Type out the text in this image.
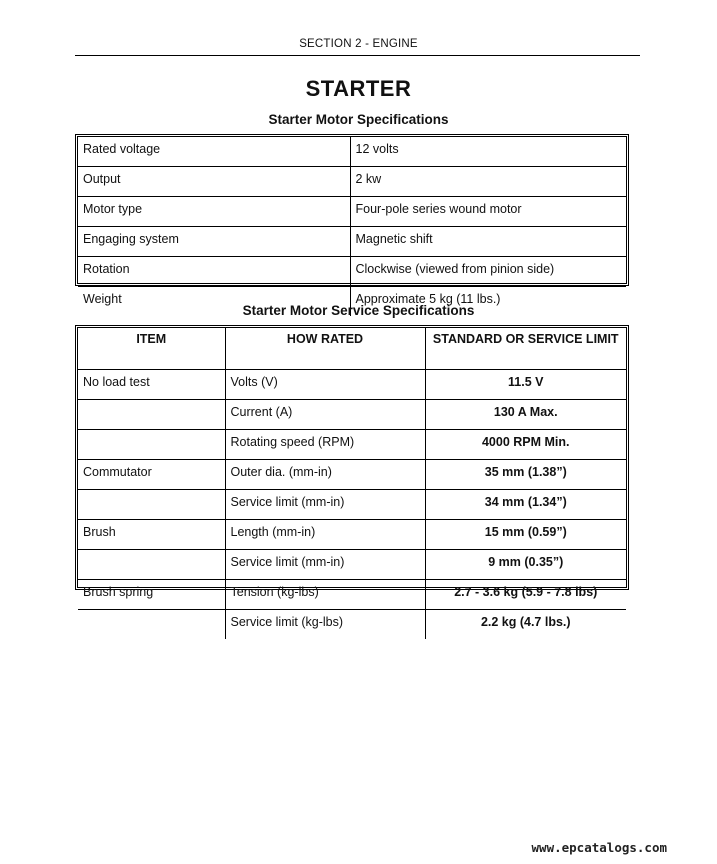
SECTION 2 - ENGINE
STARTER
Starter Motor Specifications
Rated voltage	12 volts
Output	2 kw
Motor type	Four-pole series wound motor
Engaging system	Magnetic shift
Rotation	Clockwise (viewed from pinion side)
Weight	Approximate 5 kg (11 lbs.)
Starter Motor Service Specifications
ITEM	HOW RATED	STANDARD OR SERVICE LIMIT
No load test	Volts (V)	11.5 V
	Current (A)	130 A Max.
	Rotating speed (RPM)	4000 RPM Min.
Commutator	Outer dia. (mm-in)	35 mm (1.38”)
	Service limit (mm-in)	34 mm (1.34”)
Brush	Length (mm-in)	15 mm (0.59”)
	Service limit (mm-in)	9 mm (0.35”)
Brush spring	Tension (kg-lbs)	2.7 - 3.6 kg (5.9 - 7.8 lbs)
	Service limit (kg-lbs)	2.2 kg (4.7 lbs.)
www.epcatalogs.com
